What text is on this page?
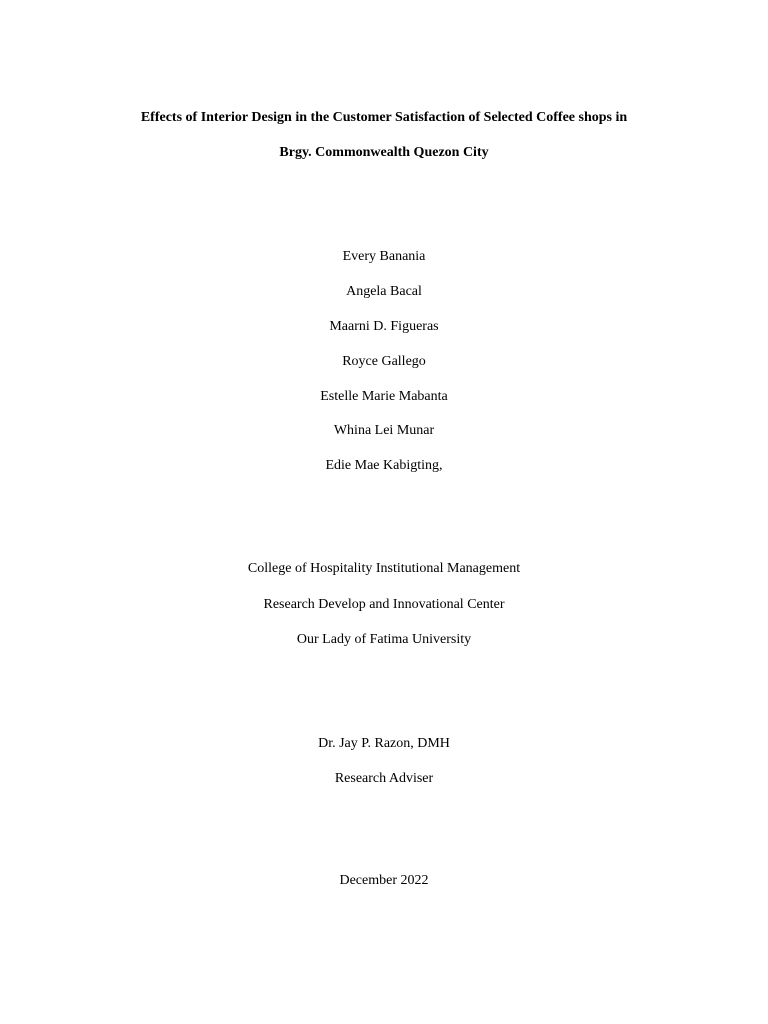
Effects of Interior Design in the Customer Satisfaction of Selected Coffee shops in
Brgy. Commonwealth Quezon City
Every Banania
Angela Bacal
Maarni D. Figueras
Royce Gallego
Estelle Marie Mabanta
Whina Lei Munar
Edie Mae Kabigting,
College of Hospitality Institutional Management
Research Develop and Innovational Center
Our Lady of Fatima University
Dr. Jay P. Razon, DMH
Research Adviser
December 2022
